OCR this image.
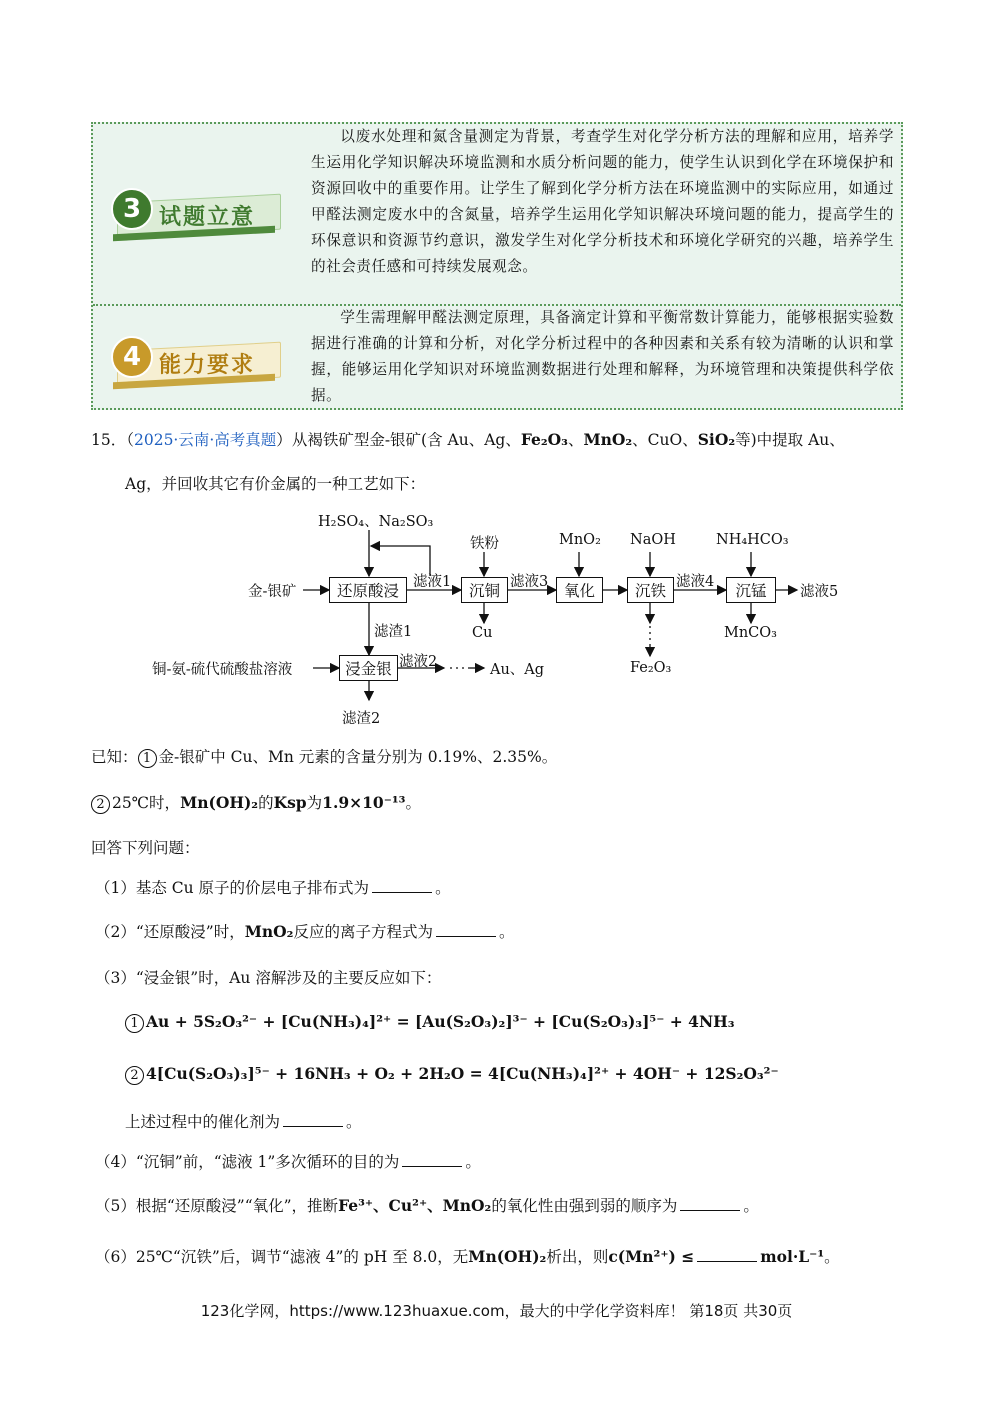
3 试题立意
以废水处理和氮含量测定为背景，考查学生对化学分析方法的理解和应用，培养学生运用化学知识解决环境监测和水质分析问题的能力，使学生认识到化学在环境保护和资源回收中的重要作用。让学生了解到化学分析方法在环境监测中的实际应用，如通过甲醛法测定废水中的含氮量，培养学生运用化学知识解决环境问题的能力，提高学生的环保意识和资源节约意识，激发学生对化学分析技术和环境化学研究的兴趣，培养学生的社会责任感和可持续发展观念。
4 能力要求
学生需理解甲醛法测定原理，具备滴定计算和平衡常数计算能力，能够根据实验数据进行准确的计算和分析，对化学分析过程中的各种因素和关系有较为清晰的认识和掌握，能够运用化学知识对环境监测数据进行处理和解释，为环境管理和决策提供科学依据。
15．（2025·云南·高考真题）从褐铁矿型金-银矿(含 Au、Ag、Fe₂O₃、MnO₂、CuO、SiO₂等)中提取 Au、
Ag，并回收其它有价金属的一种工艺如下：
还原酸浸	沉铜	氧化	沉铁	沉锰
浸金银
金-银矿
H₂SO₄、Na₂SO₃
铁粉	MnO₂ NaOH	NH₄HCO₃
滤液1	滤液3	滤液4
滤液5
滤液2
滤渣1
滤渣2
Cu
Fe₂O₃
MnCO₃
铜-氨-硫代硫酸盐溶液	Au、Ag
已知： 1 金-银矿中 Cu、Mn 元素的含量分别为 0.19%、2.35%。
2 25℃时，Mn(OH)₂的Ksp为1.9×10⁻¹³。
回答下列问题：
（1）基态 Cu 原子的价层电子排布式为	。
（2）“还原酸浸”时，MnO₂反应的离子方程式为	。
（3）“浸金银”时，Au 溶解涉及的主要反应如下：
1 Au + 5S₂O₃²⁻ + [Cu(NH₃)₄]²⁺ = [Au(S₂O₃)₂]³⁻ + [Cu(S₂O₃)₃]⁵⁻ + 4NH₃
2 4[Cu(S₂O₃)₃]⁵⁻ + 16NH₃ + O₂ + 2H₂O = 4[Cu(NH₃)₄]²⁺ + 4OH⁻ + 12S₂O₃²⁻
上述过程中的催化剂为	。
（4）“沉铜”前，“滤液 1”多次循环的目的为	。
（5）根据“还原酸浸”“氧化”，推断Fe³⁺、Cu²⁺、MnO₂的氧化性由强到弱的顺序为	。
（6）25℃“沉铁”后，调节“滤液 4”的 pH 至 8.0，无Mn(OH)₂析出，则c(Mn²⁺) ≤	mol·L⁻¹。
123化学网，https://www.123huaxue.com，最大的中学化学资料库！ 第18页 共30页
